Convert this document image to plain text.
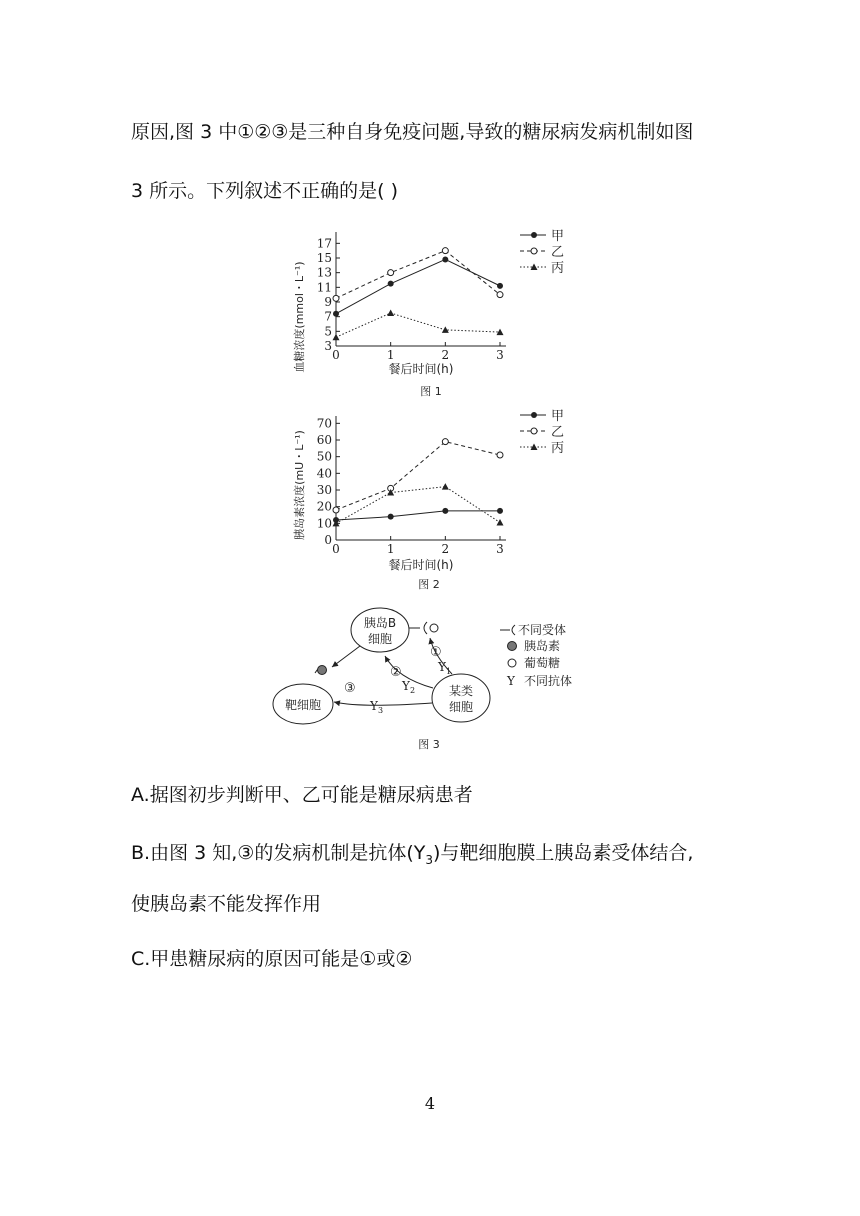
原因,图 3 中①②③是三种自身免疫问题,导致的糖尿病发病机制如图
3 所示。下列叙述不正确的是( )
血糖浓度(mmol・L⁻¹)	餐后时间(h)
图 1
3
5
7
9
11
13
15
17
0	1	2	3
甲
乙
丙
胰岛素浓度(mU・L⁻¹)
餐后时间(h)
图 2
0
10
20
30
40
50
60
70
0	1	2	3
甲
乙
丙
胰岛B
细胞
某类
细胞
靶细胞
①
Y 1
②
Y 2
③
Y 3
不同受体
胰岛素
葡萄糖
Y 不同抗体
图 3
A.据图初步判断甲、乙可能是糖尿病患者
B.由图 3 知,③的发病机制是抗体$(Y_3)$与靶细胞膜上胰岛素受体结合,
使胰岛素不能发挥作用
C.甲患糖尿病的原因可能是①或②
4
